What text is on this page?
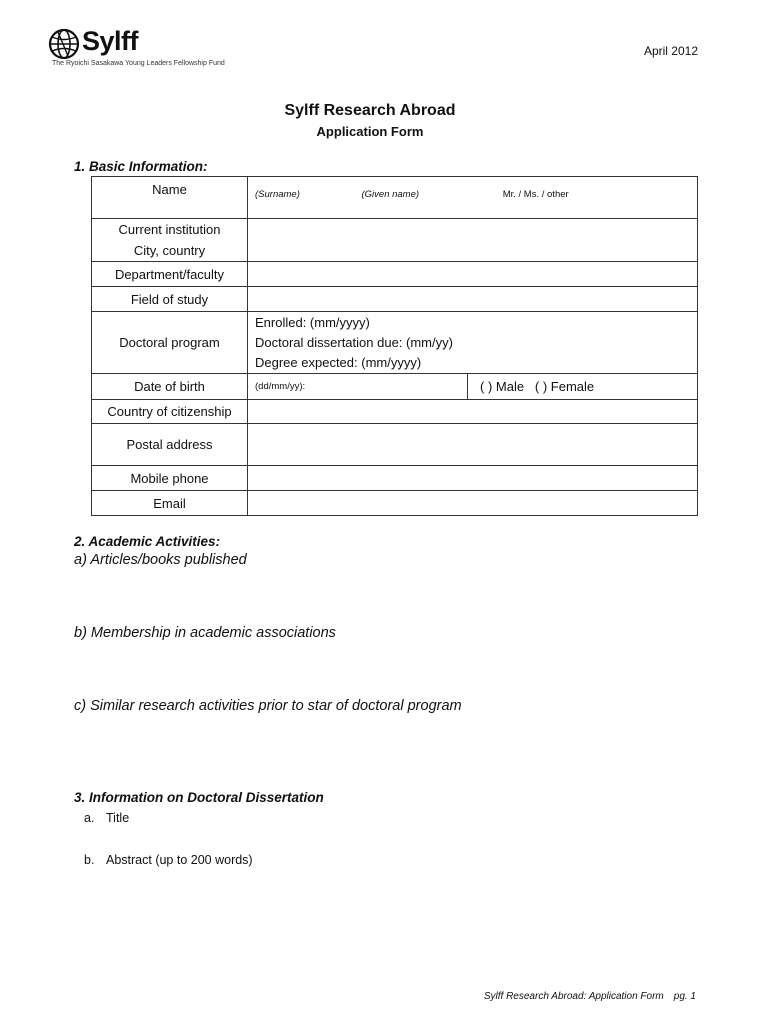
Sylff
The Ryoichi Sasakawa Young Leaders Fellowship Fund
April 2012
Sylff Research Abroad
Application Form
1. Basic Information:
Name	(Surname) (Given name) Mr. / Ms. / other

Current institution
City, country	

Department/faculty	
Field of study	
Doctoral program	Enrolled: (mm/yyyy)
Doctoral dissertation due: (mm/yy)
Degree expected: (mm/yyyy)

Date of birth	(dd/mm/yy): ( ) Male   ( ) Female

Country of citizenship	
Postal address	
Mobile phone	
Email	
2. Academic Activities:
a) Articles/books published
b) Membership in academic associations
c) Similar research activities prior to star of doctoral program
3. Information on Doctoral Dissertation
a. Title
b. Abstract (up to 200 words)
Sylff Research Abroad: Application Form　pg. 1
